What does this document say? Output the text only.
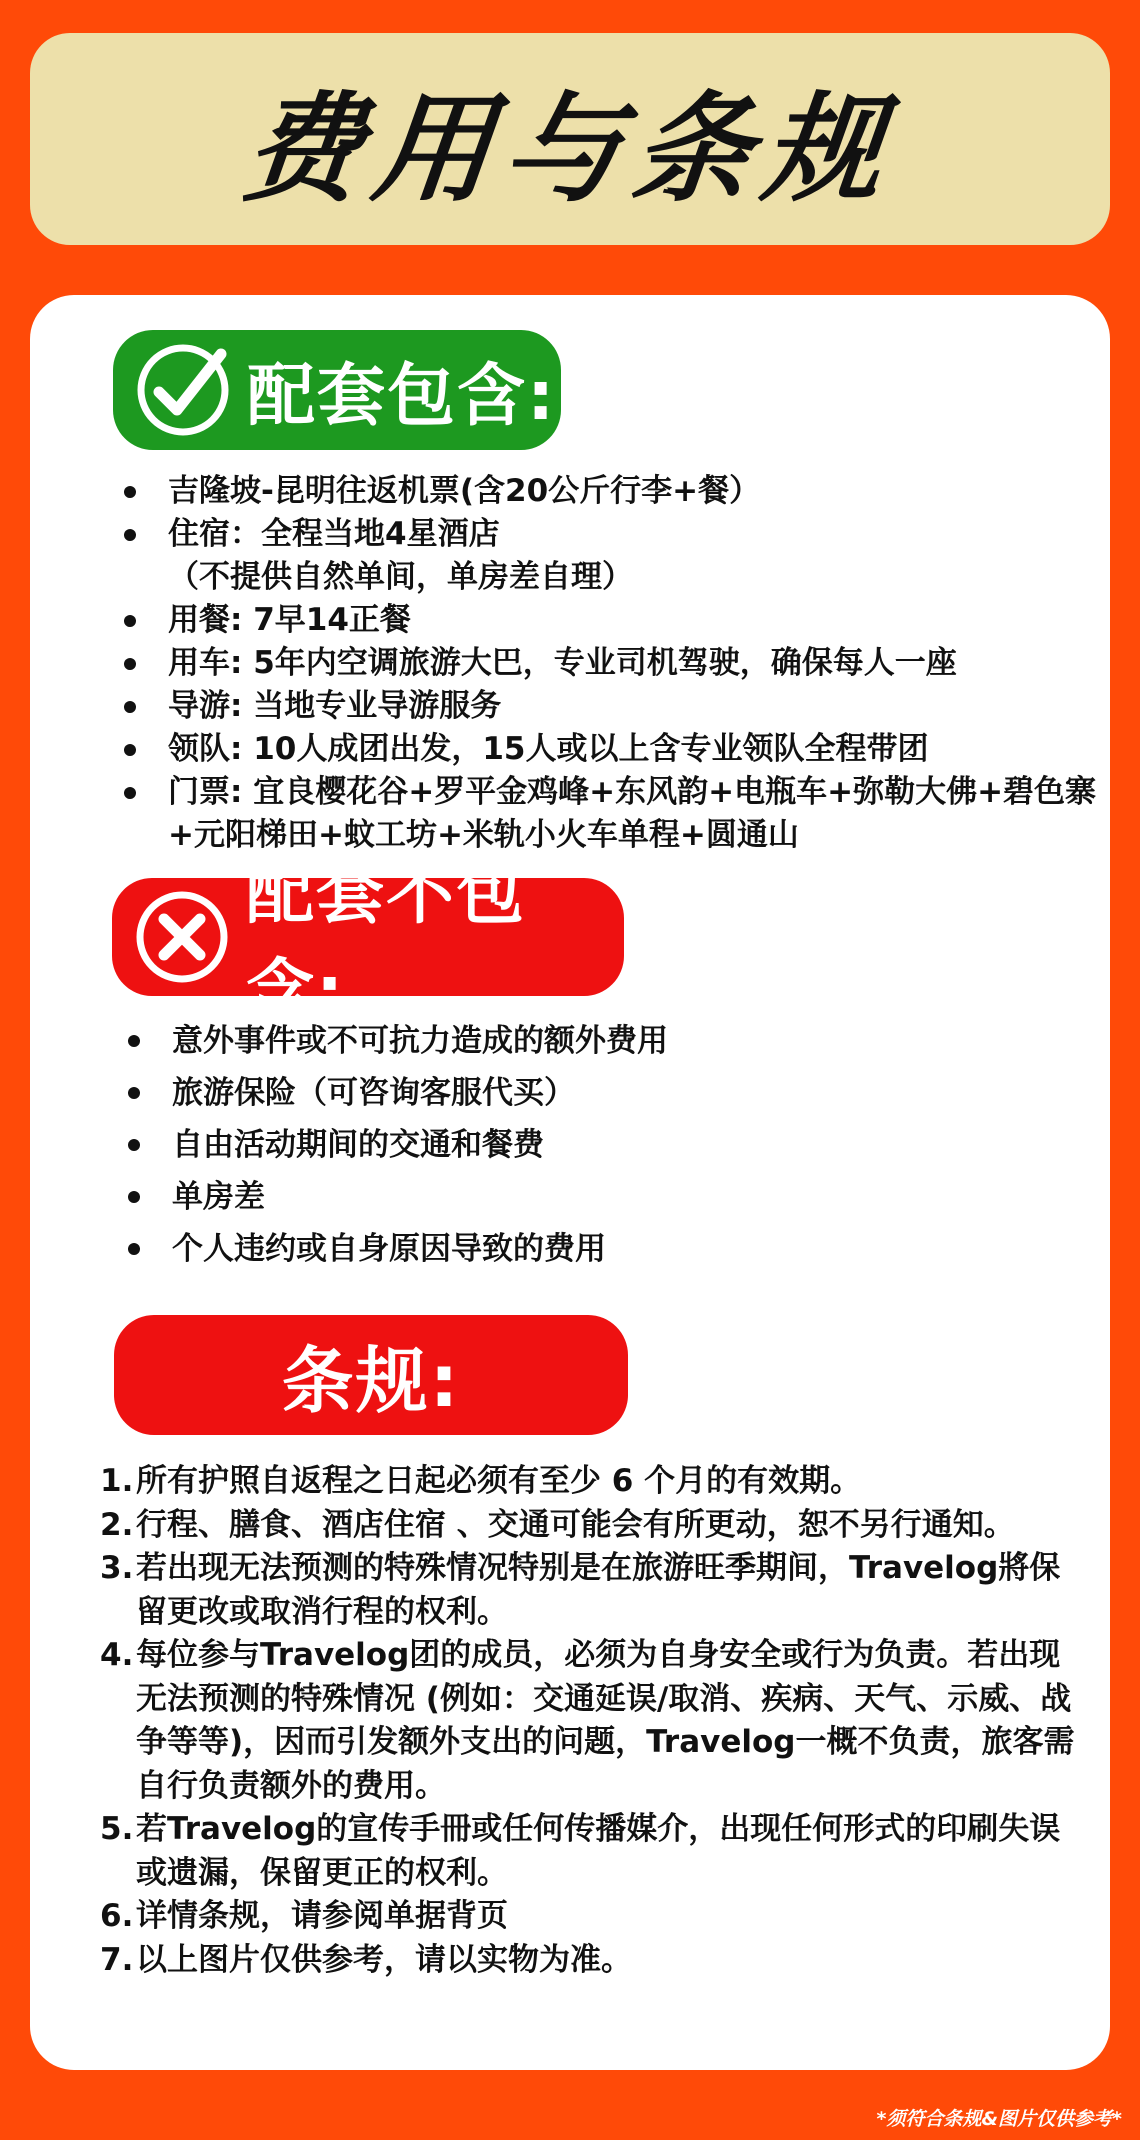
费用与条规
配套包含:
吉隆坡-昆明往返机票(含20公斤行李+餐）
住宿：全程当地4星酒店
（不提供自然单间，单房差自理）
用餐: 7早14正餐
用车: 5年内空调旅游大巴，专业司机驾驶，确保每人一座
导游: 当地专业导游服务
领队: 10人成团出发，15人或以上含专业领队全程带团
门票: 宜良樱花谷+罗平金鸡峰+东风韵+电瓶车+弥勒大佛+碧色寨+元阳梯田+蚊工坊+米轨小火车单程+圆通山
配套不包含:
意外事件或不可抗力造成的额外费用
旅游保险（可咨询客服代买）
自由活动期间的交通和餐费
单房差
个人违约或自身原因导致的费用
条规:
1. 所有护照自返程之日起必须有至少 6 个月的有效期。
2. 行程、膳食、酒店住宿 、交通可能会有所更动，恕不另行通知。
3. 若出现无法预测的特殊情况特别是在旅游旺季期间，Travelog將保留更改或取消行程的权利。
4. 每位参与Travelog团的成员，必须为自身安全或行为负责。若出现无法预测的特殊情况 (例如：交通延误/取消、疾病、天气、示威、战争等等)，因而引发额外支出的问题，Travelog一概不负责，旅客需自行负责额外的费用。
5. 若Travelog的宣传手冊或任何传播媒介，出现任何形式的印刷失误或遗漏，保留更正的权利。
6. 详情条规，请参阅单据背页
7. 以上图片仅供参考，请以实物为准。
*须符合条规&图片仅供参考*
